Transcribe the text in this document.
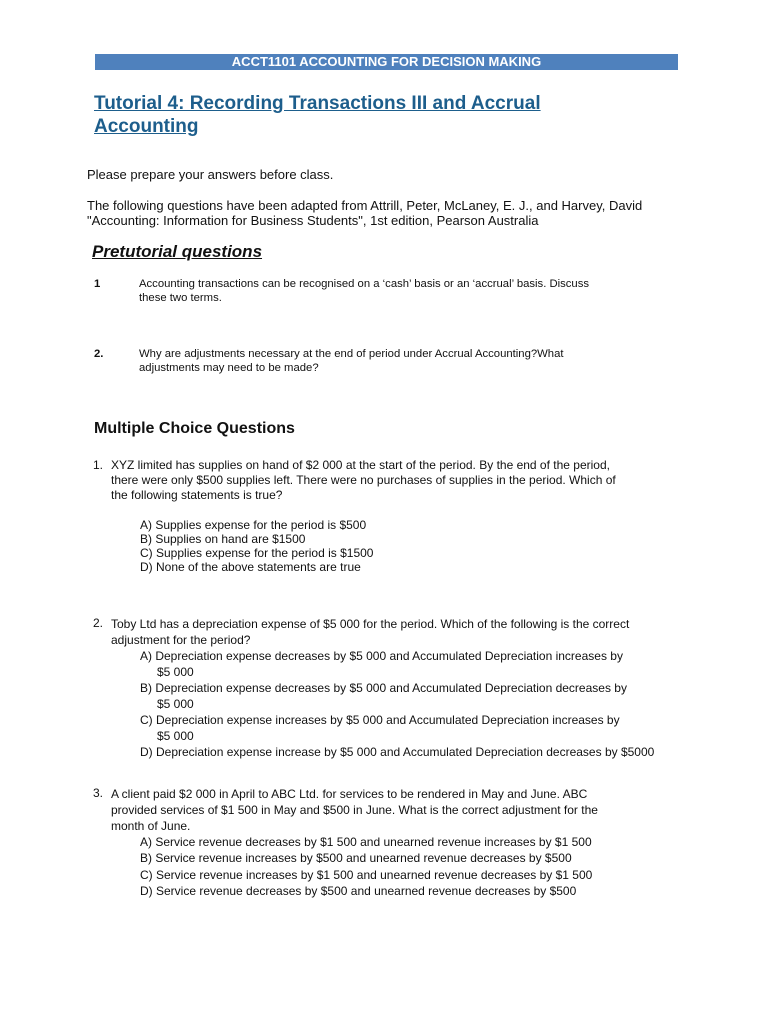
ACCT1101 ACCOUNTING FOR DECISION MAKING
Tutorial 4: Recording Transactions III and Accrual
Accounting
Please prepare your answers before class.
The following questions have been adapted from Attrill, Peter, McLaney, E. J., and Harvey, David
"Accounting: Information for Business Students", 1st edition, Pearson Australia
Pretutorial questions
1	Accounting transactions can be recognised on a ‘cash’ basis or an ‘accrual’ basis. Discuss
these two terms.
2.	Why are adjustments necessary at the end of period under Accrual Accounting?What
adjustments may need to be made?
Multiple Choice Questions
1. XYZ limited has supplies on hand of $2 000 at the start of the period. By the end of the period,
there were only $500 supplies left. There were no purchases of supplies in the period. Which of
the following statements is true?
A) Supplies expense for the period is $500
B) Supplies on hand are $1500
C) Supplies expense for the period is $1500
D) None of the above statements are true
2. Toby Ltd has a depreciation expense of $5 000 for the period. Which of the following is the correct
adjustment for the period?
A) Depreciation expense decreases by $5 000 and Accumulated Depreciation increases by
$5 000
B) Depreciation expense decreases by $5 000 and Accumulated Depreciation decreases by
$5 000
C) Depreciation expense increases by $5 000 and Accumulated Depreciation increases by
$5 000
D) Depreciation expense increase by $5 000 and Accumulated Depreciation decreases by $5000
3. A client paid $2 000 in April to ABC Ltd. for services to be rendered in May and June. ABC
provided services of $1 500 in May and $500 in June. What is the correct adjustment for the
month of June.
A) Service revenue decreases by $1 500 and unearned revenue increases by $1 500
B) Service revenue increases by $500 and unearned revenue decreases by $500
C) Service revenue increases by $1 500 and unearned revenue decreases by $1 500
D) Service revenue decreases by $500 and unearned revenue decreases by $500
